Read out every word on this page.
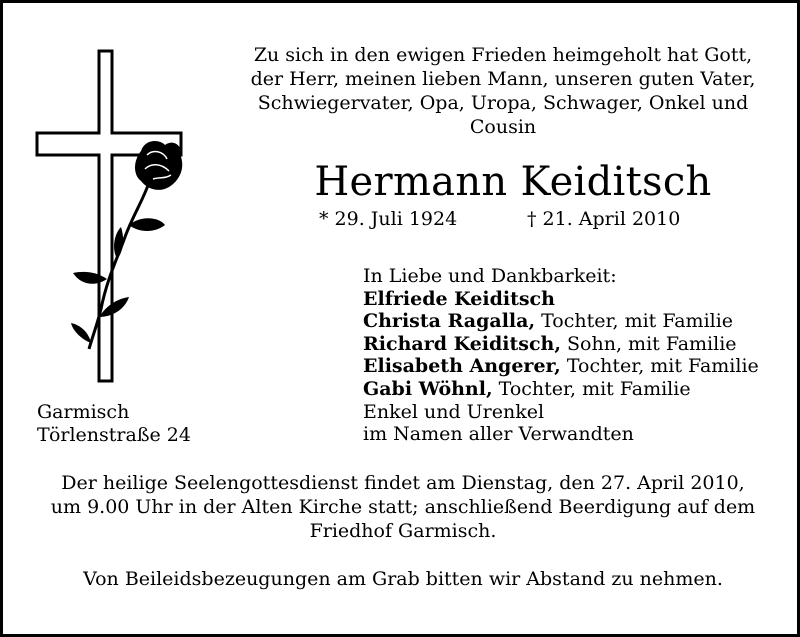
Zu sich in den ewigen Frieden heimgeholt hat Gott,
der Herr, meinen lieben Mann, unseren guten Vater,
Schwiegervater, Opa, Uropa, Schwager, Onkel und
Cousin
Hermann Keiditsch
* 29. Juli 1924	† 21. April 2010
In Liebe und Dankbarkeit:
Elfriede Keiditsch
Christa Ragalla, Tochter, mit Familie
Richard Keiditsch, Sohn, mit Familie
Elisabeth Angerer, Tochter, mit Familie
Gabi Wöhnl, Tochter, mit Familie
Enkel und Urenkel
im Namen aller Verwandten
Garmisch
Törlenstraße 24
Der heilige Seelengottesdienst findet am Dienstag, den 27. April 2010,
um 9.00 Uhr in der Alten Kirche statt; anschließend Beerdigung auf dem
Friedhof Garmisch.
Von Beileidsbezeugungen am Grab bitten wir Abstand zu nehmen.
